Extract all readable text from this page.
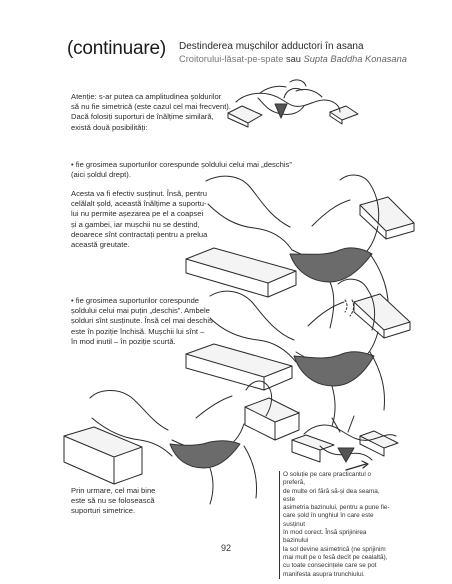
(continuare) Destinderea mușchilor adductori în asana
Croitorului-lăsat-pe-spate sau Supta Baddha Konasana
Atenție: s-ar putea ca amplitudinea șoldurilor
să nu fie simetrică (este cazul cel mai frecvent).
Dacă folosiți suporturi de înălțime similară,
există două posibilități:
• fie grosimea suporturilor corespunde șoldului celui mai „deschis”
(aici șoldul drept).
Acesta va fi efectiv susținut. Însă, pentru
celălalt șold, această înălțime a suportu-
lui nu permite așezarea pe el a coapsei
și a gambei, iar mușchii nu se destind,
deoarece sînt contractați pentru a prelua
această greutate.
• fie grosimea suporturilor corespunde
șoldului celui mai puțin „deschis”. Ambele
șolduri sînt susținute. Însă cel mai deschis
este în poziție închisă. Mușchii lui sînt –
în mod inutil – în poziție scurtă.
Prin urmare, cel mai bine
este să nu se folosească
suporturi simetrice.
O soluție pe care practicantul o preferă,
de multe ori fără să-și dea seama, este
asimetria bazinului, pentru a pune fie-
care șold în unghiul în care este susținut
în mod corect. Însă sprijinirea bazinului
la sol devine asimetrică (ne sprijinim
mai mult pe o fesă decît pe cealaltă),
cu toate consecințele care se pot
manifesta asupra trunchiului.
92
